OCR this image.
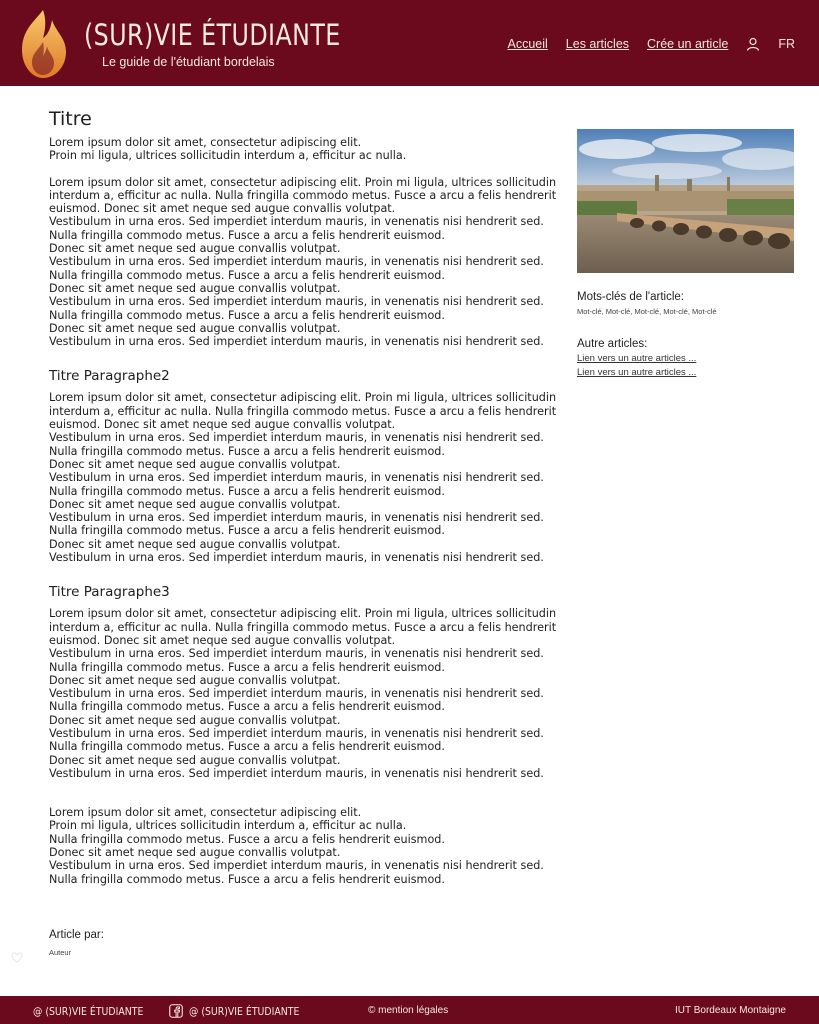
(SUR)VIE ÉTUDIANTE
Le guide de l'étudiant bordelais
Accueil Les articles Crée un article	FR
Titre

Lorem ipsum dolor sit amet, consectetur adipiscing elit.
Proin mi ligula, ultrices sollicitudin interdum a, efficitur ac nulla.

Lorem ipsum dolor sit amet, consectetur adipiscing elit. Proin mi ligula, ultrices sollicitudin interdum a, efficitur ac nulla. Nulla fringilla commodo metus. Fusce a arcu a felis hendrerit euismod. Donec sit amet neque sed augue convallis volutpat.
Vestibulum in urna eros. Sed imperdiet interdum mauris, in venenatis nisi hendrerit sed.
Nulla fringilla commodo metus. Fusce a arcu a felis hendrerit euismod.
Donec sit amet neque sed augue convallis volutpat.
Vestibulum in urna eros. Sed imperdiet interdum mauris, in venenatis nisi hendrerit sed.
Nulla fringilla commodo metus. Fusce a arcu a felis hendrerit euismod.
Donec sit amet neque sed augue convallis volutpat.
Vestibulum in urna eros. Sed imperdiet interdum mauris, in venenatis nisi hendrerit sed.
Nulla fringilla commodo metus. Fusce a arcu a felis hendrerit euismod.
Donec sit amet neque sed augue convallis volutpat.
Vestibulum in urna eros. Sed imperdiet interdum mauris, in venenatis nisi hendrerit sed.

Titre Paragraphe2

Lorem ipsum dolor sit amet, consectetur adipiscing elit. Proin mi ligula, ultrices sollicitudin interdum a, efficitur ac nulla. Nulla fringilla commodo metus. Fusce a arcu a felis hendrerit euismod. Donec sit amet neque sed augue convallis volutpat.
Vestibulum in urna eros. Sed imperdiet interdum mauris, in venenatis nisi hendrerit sed.
Nulla fringilla commodo metus. Fusce a arcu a felis hendrerit euismod.
Donec sit amet neque sed augue convallis volutpat.
Vestibulum in urna eros. Sed imperdiet interdum mauris, in venenatis nisi hendrerit sed.
Nulla fringilla commodo metus. Fusce a arcu a felis hendrerit euismod.
Donec sit amet neque sed augue convallis volutpat.
Vestibulum in urna eros. Sed imperdiet interdum mauris, in venenatis nisi hendrerit sed.
Nulla fringilla commodo metus. Fusce a arcu a felis hendrerit euismod.
Donec sit amet neque sed augue convallis volutpat.
Vestibulum in urna eros. Sed imperdiet interdum mauris, in venenatis nisi hendrerit sed.

Titre Paragraphe3

Lorem ipsum dolor sit amet, consectetur adipiscing elit. Proin mi ligula, ultrices sollicitudin interdum a, efficitur ac nulla. Nulla fringilla commodo metus. Fusce a arcu a felis hendrerit euismod. Donec sit amet neque sed augue convallis volutpat.
Vestibulum in urna eros. Sed imperdiet interdum mauris, in venenatis nisi hendrerit sed.
Nulla fringilla commodo metus. Fusce a arcu a felis hendrerit euismod.
Donec sit amet neque sed augue convallis volutpat.
Vestibulum in urna eros. Sed imperdiet interdum mauris, in venenatis nisi hendrerit sed.
Nulla fringilla commodo metus. Fusce a arcu a felis hendrerit euismod.
Donec sit amet neque sed augue convallis volutpat.
Vestibulum in urna eros. Sed imperdiet interdum mauris, in venenatis nisi hendrerit sed.
Nulla fringilla commodo metus. Fusce a arcu a felis hendrerit euismod.
Donec sit amet neque sed augue convallis volutpat.
Vestibulum in urna eros. Sed imperdiet interdum mauris, in venenatis nisi hendrerit sed.

Lorem ipsum dolor sit amet, consectetur adipiscing elit.
Proin mi ligula, ultrices sollicitudin interdum a, efficitur ac nulla.
Nulla fringilla commodo metus. Fusce a arcu a felis hendrerit euismod.
Donec sit amet neque sed augue convallis volutpat.
Vestibulum in urna eros. Sed imperdiet interdum mauris, in venenatis nisi hendrerit sed.
Nulla fringilla commodo metus. Fusce a arcu a felis hendrerit euismod.

Mots-clés de l'article:
Mot-clé, Mot-clé, Mot-clé, Mot-clé, Mot-clé
Autre articles:
Lien vers un autre articles ...
Lien vers un autre articles ...
Article par:
Auteur
@ (SUR)VIE ÉTUDIANTE	@ (SUR)VIE ÉTUDIANTE	© mention légales	IUT Bordeaux Montaigne
